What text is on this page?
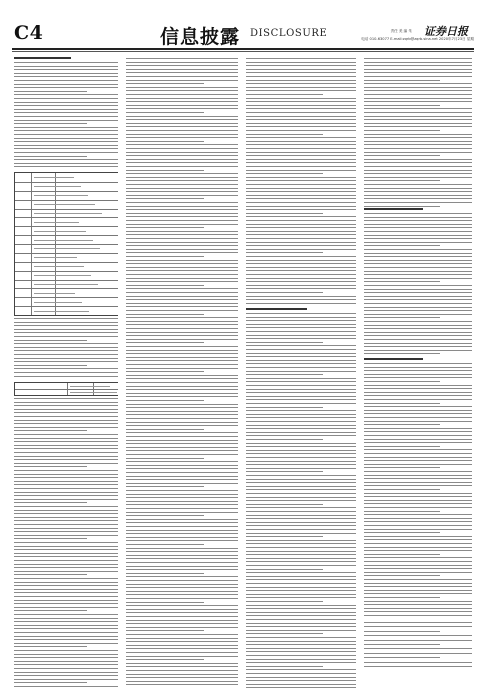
C4	信息披露 DISCLOSURE	证券日报
责任 美 编 朱
电话 010-63077 E-mail:zqrb@zqrb.sina.net 2020年7月23日 星期
